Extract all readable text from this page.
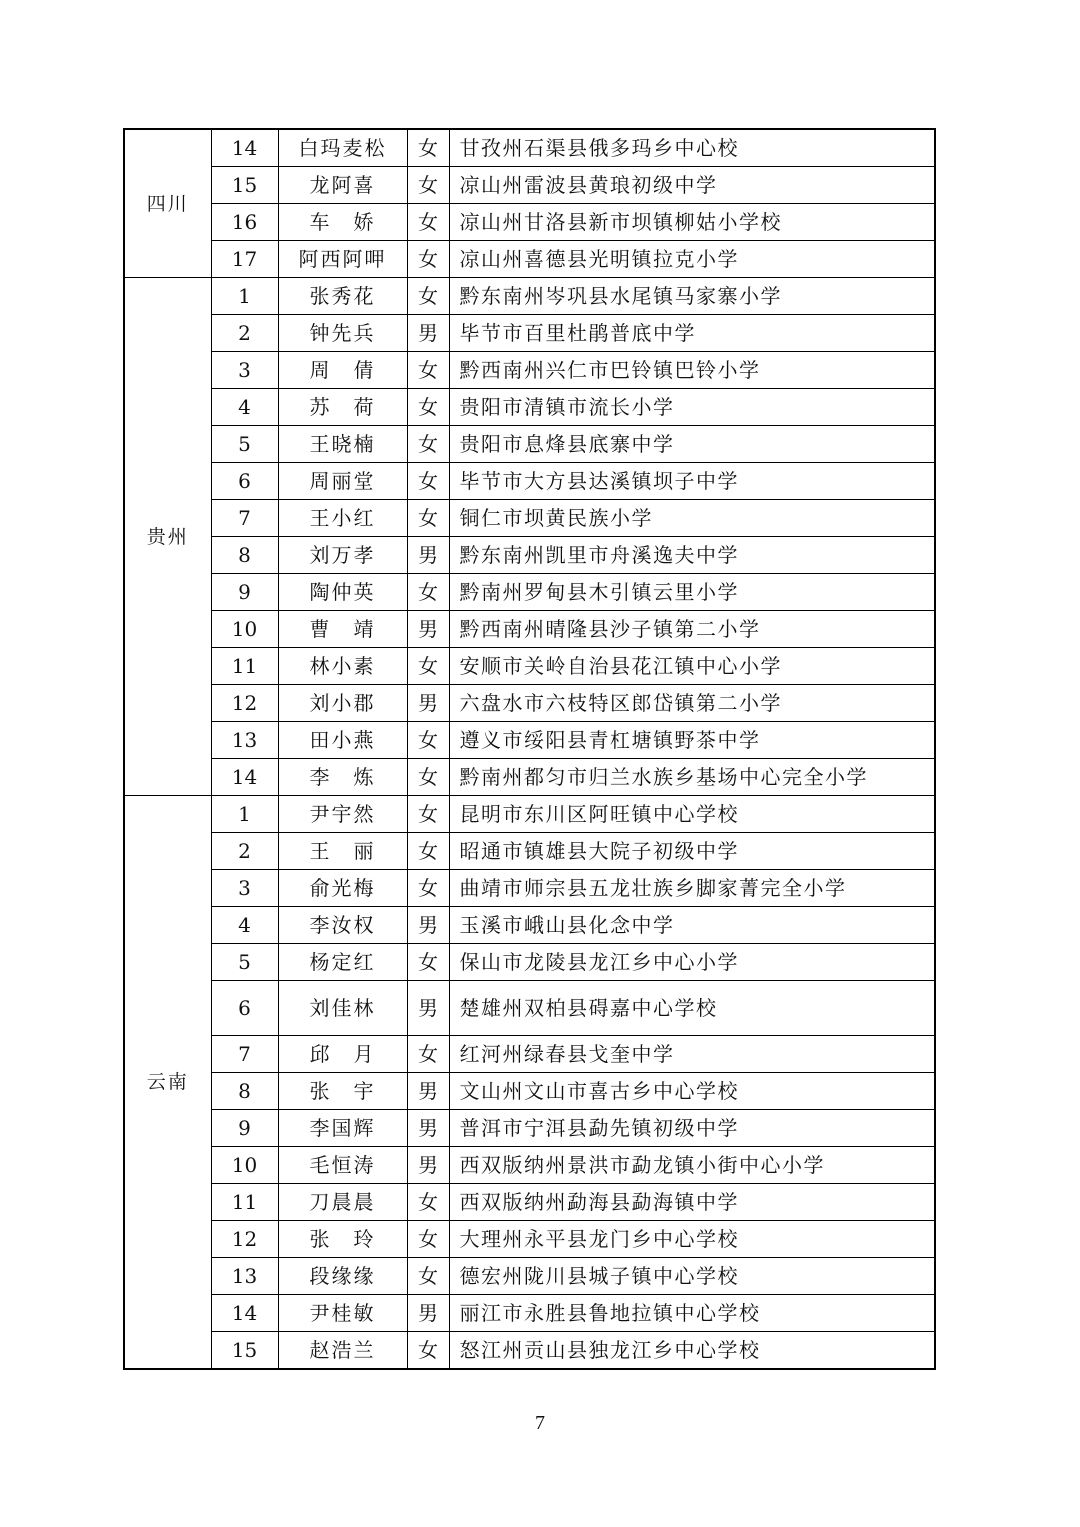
四川	14	白玛麦松	女	甘孜州石渠县俄多玛乡中心校
	15	龙阿喜	女	凉山州雷波县黄琅初级中学
	16	车　娇	女	凉山州甘洛县新市坝镇柳姑小学校
	17	阿西阿呷	女	凉山州喜德县光明镇拉克小学
贵州	1	张秀花	女	黔东南州岑巩县水尾镇马家寨小学
	2	钟先兵	男	毕节市百里杜鹃普底中学
	3	周　倩	女	黔西南州兴仁市巴铃镇巴铃小学
	4	苏　荷	女	贵阳市清镇市流长小学
	5	王晓楠	女	贵阳市息烽县底寨中学
	6	周丽堂	女	毕节市大方县达溪镇坝子中学
	7	王小红	女	铜仁市坝黄民族小学
	8	刘万孝	男	黔东南州凯里市舟溪逸夫中学
	9	陶仲英	女	黔南州罗甸县木引镇云里小学
	10	曹　靖	男	黔西南州晴隆县沙子镇第二小学
	11	林小素	女	安顺市关岭自治县花江镇中心小学
	12	刘小郡	男	六盘水市六枝特区郎岱镇第二小学
	13	田小燕	女	遵义市绥阳县青杠塘镇野茶中学
	14	李　炼	女	黔南州都匀市归兰水族乡基场中心完全小学
云南	1	尹宇然	女	昆明市东川区阿旺镇中心学校
	2	王　丽	女	昭通市镇雄县大院子初级中学
	3	俞光梅	女	曲靖市师宗县五龙壮族乡脚家菁完全小学
	4	李汝权	男	玉溪市峨山县化念中学
	5	杨定红	女	保山市龙陵县龙江乡中心小学
	6	刘佳林	男	楚雄州双柏县碍嘉中心学校
	7	邱　月	女	红河州绿春县戈奎中学
	8	张　宇	男	文山州文山市喜古乡中心学校
	9	李国辉	男	普洱市宁洱县勐先镇初级中学
	10	毛恒涛	男	西双版纳州景洪市勐龙镇小街中心小学
	11	刀晨晨	女	西双版纳州勐海县勐海镇中学
	12	张　玲	女	大理州永平县龙门乡中心学校
	13	段缘缘	女	德宏州陇川县城子镇中心学校
	14	尹桂敏	男	丽江市永胜县鲁地拉镇中心学校
	15	赵浩兰	女	怒江州贡山县独龙江乡中心学校
7
